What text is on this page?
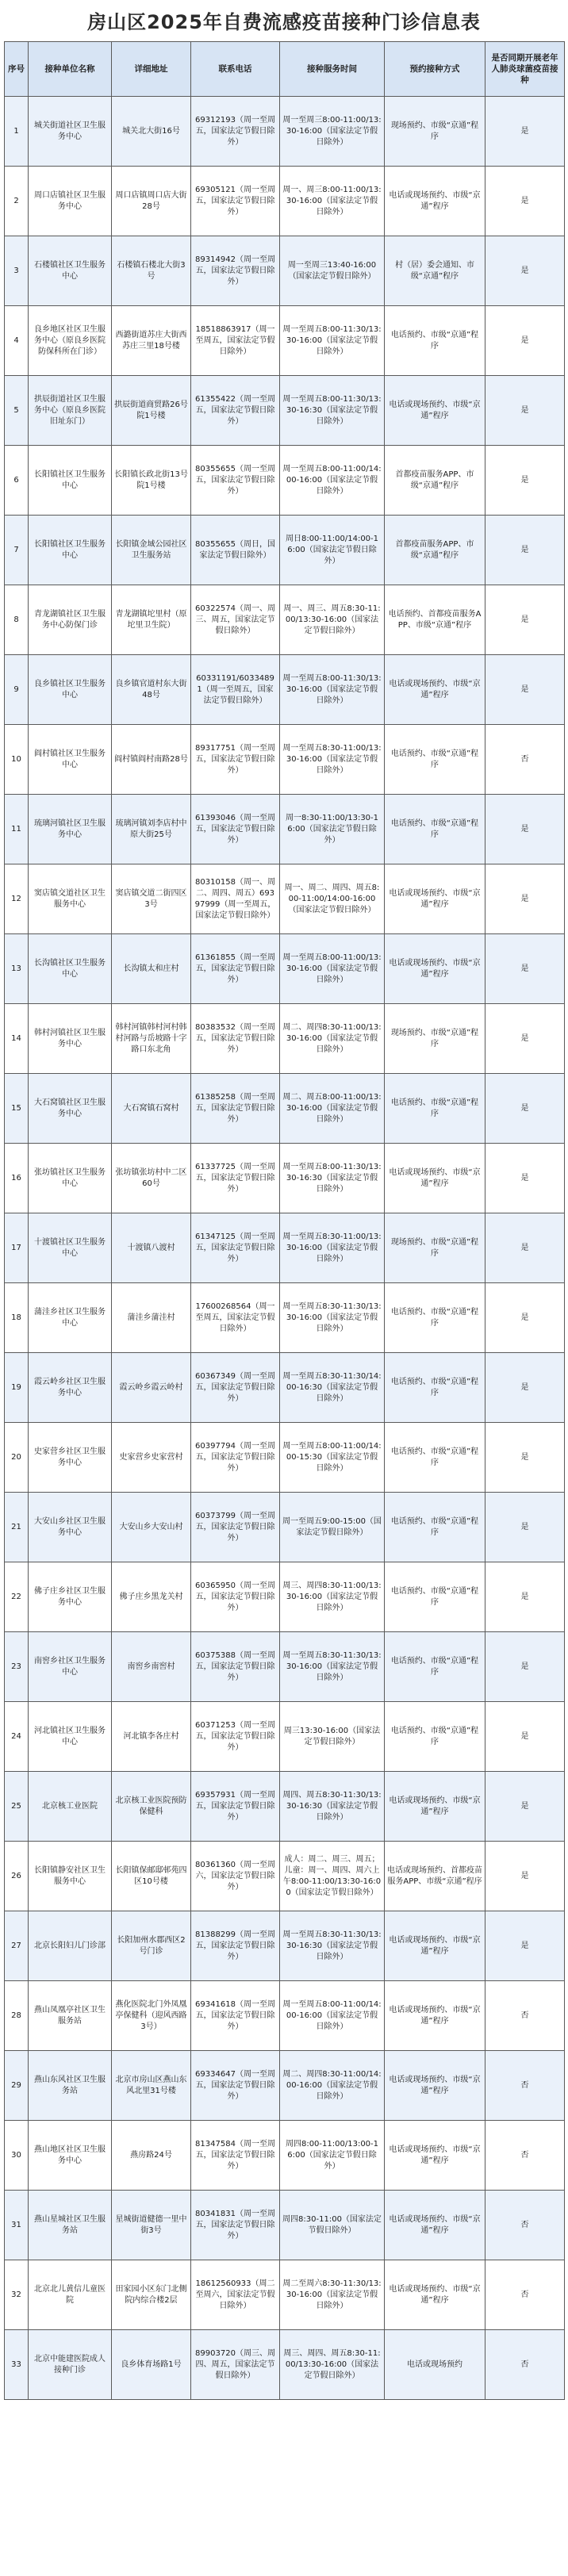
房山区2025年自费流感疫苗接种门诊信息表
序号	接种单位名称	详细地址	联系电话	接种服务时间	预约接种方式	是否同期开展老年人肺炎球菌疫苗接种
1	城关街道社区卫生服务中心	城关北大街16号	69312193（周一至周五，国家法定节假日除外）	周一至周三8:00-11:00/13:30-16:00（国家法定节假日除外）	现场预约、市级“京通”程序	是
2	周口店镇社区卫生服务中心	周口店镇周口店大街28号	69305121（周一至周五，国家法定节假日除外）	周一、周三8:00-11:00/13:30-16:00（国家法定节假日除外）	电话或现场预约、市级“京通”程序	是
3	石楼镇社区卫生服务中心	石楼镇石楼北大街3号	89314942（周一至周五，国家法定节假日除外）	周一至周三13:40-16:00（国家法定节假日除外）	村（居）委会通知、市级“京通”程序	是
4	良乡地区社区卫生服务中心（原良乡医院防保科所在门诊）	西潞街道苏庄大街西苏庄三里18号楼	18518863917（周一至周五，国家法定节假日除外）	周一至周五8:00-11:30/13:30-16:00（国家法定节假日除外）	电话预约、市级“京通”程序	是
5	拱辰街道社区卫生服务中心（原良乡医院旧址东门）	拱辰街道商贸路26号院1号楼	61355422（周一至周五，国家法定节假日除外）	周一至周五8:00-11:30/13:30-16:30（国家法定节假日除外）	电话或现场预约、市级“京通”程序	是
6	长阳镇社区卫生服务中心	长阳镇长政北街13号院1号楼	80355655（周一至周五，国家法定节假日除外）	周一至周五8:00-11:00/14:00-16:00（国家法定节假日除外）	首都疫苗服务APP、市级“京通”程序	是
7	长阳镇社区卫生服务中心	长阳镇金域公园社区卫生服务站	80355655（周日，国家法定节假日除外）	周日8:00-11:00/14:00-16:00（国家法定节假日除外）	首都疫苗服务APP、市级“京通”程序	是
8	青龙湖镇社区卫生服务中心防保门诊	青龙湖镇坨里村（原坨里卫生院）	60322574（周一、周三、周五，国家法定节假日除外）	周一、周三、周五8:30-11:00/13:30-16:00（国家法定节假日除外）	电话预约、首都疫苗服务APP、市级“京通”程序	是
9	良乡镇社区卫生服务中心	良乡镇官道村东大街48号	60331191/60334891（周一至周五，国家法定节假日除外）	周一至周五8:00-11:30/13:30-16:00（国家法定节假日除外）	电话或现场预约、市级“京通”程序	是
10	阎村镇社区卫生服务中心	阎村镇阎村南路28号	89317751（周一至周五，国家法定节假日除外）	周一至周五8:30-11:00/13:30-16:00（国家法定节假日除外）	电话预约、市级“京通”程序	否
11	琉璃河镇社区卫生服务中心	琉璃河镇刘李店村中原大街25号	61393046（周一至周五，国家法定节假日除外）	周一8:30-11:00/13:30-16:00（国家法定节假日除外）	电话预约、市级“京通”程序	是
12	窦店镇交道社区卫生服务中心	窦店镇交道二街四区3号	80310158（周一、周二、周四、周五）69397999（周一至周五，国家法定节假日除外）	周一、周二、周四、周五8:00-11:00/14:00-16:00（国家法定节假日除外）	电话或现场预约、市级“京通”程序	是
13	长沟镇社区卫生服务中心	长沟镇太和庄村	61361855（周一至周五，国家法定节假日除外）	周一至周五8:00-11:00/13:30-16:00（国家法定节假日除外）	电话或现场预约、市级“京通”程序	是
14	韩村河镇社区卫生服务中心	韩村河镇韩村河村韩村河路与岳坡路十字路口东北角	80383532（周一至周五，国家法定节假日除外）	周二、周四8:30-11:00/13:30-16:00（国家法定节假日除外）	现场预约、市级“京通”程序	是
15	大石窝镇社区卫生服务中心	大石窝镇石窝村	61385258（周一至周五，国家法定节假日除外）	周二、周五8:00-11:00/13:30-16:00（国家法定节假日除外）	电话预约、市级“京通”程序	是
16	张坊镇社区卫生服务中心	张坊镇张坊村中二区60号	61337725（周一至周五，国家法定节假日除外）	周一至周五8:00-11:30/13:30-16:30（国家法定节假日除外）	电话或现场预约、市级“京通”程序	是
17	十渡镇社区卫生服务中心	十渡镇八渡村	61347125（周一至周五，国家法定节假日除外）	周一至周五8:30-11:00/13:30-16:00（国家法定节假日除外）	现场预约、市级“京通”程序	是
18	蒲洼乡社区卫生服务中心	蒲洼乡蒲洼村	17600268564（周一至周五，国家法定节假日除外）	周一至周五8:30-11:30/13:30-16:00（国家法定节假日除外）	电话预约、市级“京通”程序	是
19	霞云岭乡社区卫生服务中心	霞云岭乡霞云岭村	60367349（周一至周五，国家法定节假日除外）	周一至周五8:30-11:30/14:00-16:30（国家法定节假日除外）	电话预约、市级“京通”程序	是
20	史家营乡社区卫生服务中心	史家营乡史家营村	60397794（周一至周五，国家法定节假日除外）	周一至周五8:00-11:00/14:00-15:30（国家法定节假日除外）	电话预约、市级“京通”程序	是
21	大安山乡社区卫生服务中心	大安山乡大安山村	60373799（周一至周五，国家法定节假日除外）	周一至周五9:00-15:00（国家法定节假日除外）	电话预约、市级“京通”程序	是
22	佛子庄乡社区卫生服务中心	佛子庄乡黑龙关村	60365950（周一至周五，国家法定节假日除外）	周三、周四8:30-11:00/13:30-16:00（国家法定节假日除外）	电话预约、市级“京通”程序	是
23	南窖乡社区卫生服务中心	南窖乡南窖村	60375388（周一至周五，国家法定节假日除外）	周一至周五8:30-11:30/13:30-16:00（国家法定节假日除外）	电话预约、市级“京通”程序	是
24	河北镇社区卫生服务中心	河北镇李各庄村	60371253（周一至周五，国家法定节假日除外）	周三13:30-16:00（国家法定节假日除外）	电话预约、市级“京通”程序	是
25	北京核工业医院	北京核工业医院预防保健科	69357931（周一至周五，国家法定节假日除外）	周四、周五8:30-11:30/13:30-16:30（国家法定节假日除外）	电话或现场预约、市级“京通”程序	是
26	长阳镇静安社区卫生服务中心	长阳镇保邮邸邨苑四区10号楼	80361360（周一至周六，国家法定节假日除外）	成人：周二、周三、周五；儿童：周一、周四、周六上午8:00-11:00/13:30-16:00（国家法定节假日除外）	电话或现场预约、首都疫苗服务APP、市级“京通”程序	是
27	北京长阳妇儿门诊部	长阳加州水郡西区2号门诊	81388299（周一至周五，国家法定节假日除外）	周一至周五8:30-11:30/13:30-16:30（国家法定节假日除外）	电话或现场预约、市级“京通”程序	是
28	燕山凤凰亭社区卫生服务站	燕化医院北门外凤凰亭保健科（迎风西路3号）	69341618（周一至周五，国家法定节假日除外）	周一至周五8:00-11:00/14:00-16:00（国家法定节假日除外）	电话或现场预约、市级“京通”程序	否
29	燕山东风社区卫生服务站	北京市房山区燕山东风北里31号楼	69334647（周一至周五，国家法定节假日除外）	周二、周四8:30-11:00/14:00-16:00（国家法定节假日除外）	电话或现场预约、市级“京通”程序	否
30	燕山地区社区卫生服务中心	燕房路24号	81347584（周一至周五，国家法定节假日除外）	周四8:00-11:00/13:00-16:00（国家法定节假日除外）	电话或现场预约、市级“京通”程序	否
31	燕山星城社区卫生服务站	星城街道健德一里中街3号	80341831（周一至周五，国家法定节假日除外）	周四8:30-11:00（国家法定节假日除外）	电话或现场预约、市级“京通”程序	否
32	北京北儿黄信儿童医院	田家园小区东门北侧院内综合楼2层	18612560933（周二至周六，国家法定节假日除外）	周二至周六8:30-11:30/13:30-16:00（国家法定节假日除外）	电话或现场预约、市级“京通”程序	否
33	北京中能建医院成人接种门诊	良乡体育场路1号	89903720（周三、周四、周五，国家法定节假日除外）	周三、周四、周五8:30-11:00/13:30-16:00（国家法定节假日除外）	电话或现场预约	否
